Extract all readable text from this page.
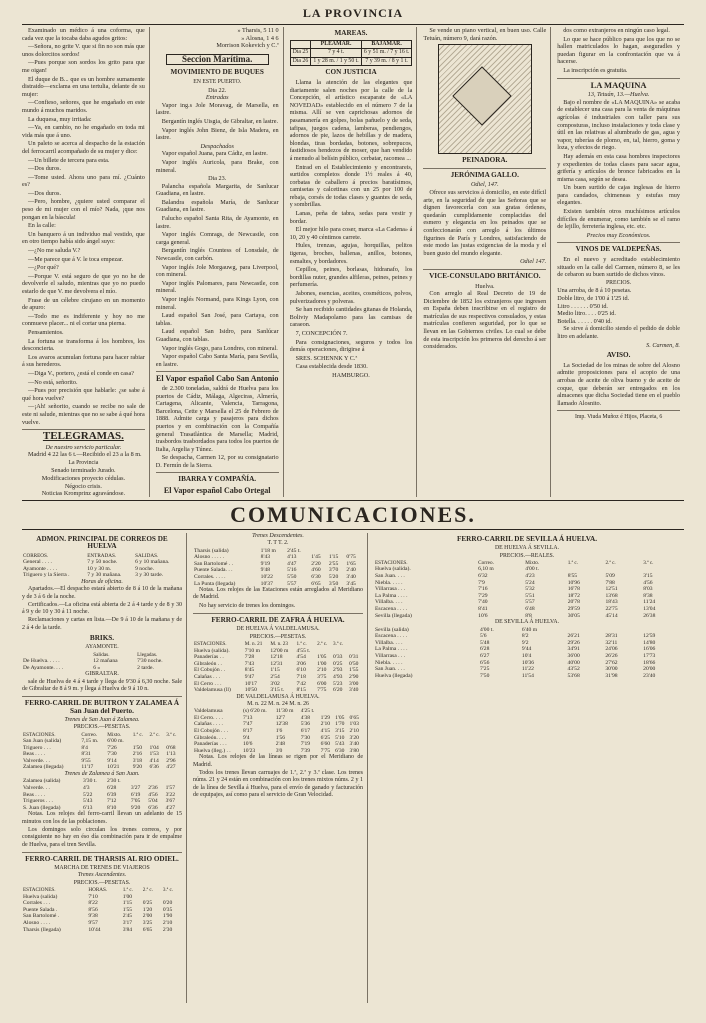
LA PROVINCIA

Examinado un médico á una coforma, que cada vez que la tocaba daba agudos gritos:

—Señora, no grite V. que si fin no son más que unos dolorcitos sordos!

—Pues porque son sordos los grito para que me oigan!

El duque de B... que es un hombre sumamente distraido—exclama en una tertulia, delante de su mujer:

—Confieso, señores, que he engañado en este mundo á muchos maridos.

La duquesa, muy irritada:

—Ya, en cambio, no he engañado en toda mi vida más que á uno.

Un paleto se acerca al despacho de la estación del ferrocarril acompañado de su mujer y dice:

—Un billete de tercera para esta.

—Dos duros.

—Tome usted. Ahora uno para mí. ¿Cuánto es?

—Dos duros.

—Pero, hombre, ¿quiere usted comparar el peso de mi mujer con el mío? Nada, ¡que nos pongan en la báscula!

En la calle:

Un banquero á un individuo mal vestido, que en otro tiempo había sido ángel suyo:

—¿No me saluda V.?

—Me parece que á V. le toca empezar.

—¿Por qué?

—Porque V. está seguro de que yo no he de devolverle el saludo, mientras que yo no puedo estarlo de que V. me devolvera el mío.

Frase de un célebre cirujano en un momento de apuro:

—Todo me es indiferente y hoy no me conmueve placer... ni el cortar una pierna.

Pensamientos.

La fortuna se transforma á los hombres, los desconcierta.

Los avaros acumulan fortuna para hacer rabiar á sus herederos.

—Diga V., portero, ¿está el conde en casa?

—No está, señorito.

—Pues por precisión que hablarle: ¿se sabe á qué hora vuelve?

—¡Ah! señorito, cuando se recibe no sale de este ni salude, mientras que no se sabe á qué hora vuelve.

TELEGRAMAS.
De nuestro servicio particular.

Madrid 4 22 las 6 t.—Recibido el 23 a la 8 m.

La Provincia
Senado terminado Jurado.
Modificaciones proyecto cédulas.
Négocio crisis.
Noticias Kromprinz agravándose.

» Tharsis, 5 11 0
» Alosna, 1 4 6
Morrison Kokevich y C.ª
Seccion Marítima.
MOVIMIENTO DE BUQUES
EN ESTE PUERTO.
Dia 22.
Entradas

Vapor ing.s Jole Moravag, de Marsella, en lastre.

Bergantín inglés Uisgia, de Gibraltar, en lastre.

Vapor inglés John Bienz, de Isla Madera, en lastre.

Despachados

Vapor español Juana, para Cádiz, en lastre.

Vapor inglés Auricola, para Brake, con mineral.

Dia 23.

Palancha española Margarita, de Sanlucar Guadiana, en lastre.

Balandra española María, de Sanlucar Guadiana, en lastre.

Falucho español Santa Rita, de Ayamonte, en lastre.

Vapor inglés Comrags, de Newcastle, con carga general.

Bergantín inglés Countess of Lonsdale, de Newcastle, con carbón.

Vapor inglés Jole Morgauwg, para Liverpool, con mineral.

Vapor inglés Palomares, para Newcastle, con mineral.

Vapor inglés Normand, para Kings Lyon, con mineral.

Laud español San José, para Cartaya, con tablas.

Laud español San Isidro, para Sanlúcar Guadiana, con tablas.

Vapor inglés Gogo, para Londres, con mineral.

Vapor español Cabo Santa María, para Sevilla, en lastre.

El Vapor español Cabo San Antonio

de 2.300 toneladas, saldrá de Huelva para los puertos de Cádiz, Málaga, Algeciras, Almería, Cartagena, Alicante, Valencia, Tarragona, Barcelona, Cette y Marsella el 25 de Febrero de 1888. Admite carga y pasajeros para dichos puertos y en combinación con la Compañía general Trasatlántica de Marsella; Madrid, trasbordos trasbordados para todos los puertos de Italia, Argelia y Túnez.

Se despacha, Carmen 12, por su consignatario D. Fermín de la Sierra.

IBARRA Y COMPAÑÍA.
El Vapor español Cabo Ortegal

MAREAS.
	PLEAMAR.	BAJAMAR.
Día 25	7 y 4 t.	6 y 51 m. / 7 y 16 t.
Día 26	1 y 28 m. / 1 y 50 t.	7 y 39 m. / 8 y 1 t.
CON JUSTICIA

Llama la atención de las elegantes que diariamente salen noches por la calle de la Concepción, el artístico escaparate de «LA NOVEDAD» establecido en el número 7 de la misma. Allí se ven caprichosas adornos de pasamanería en golpes, bolas pañuelo y de seda, tafipas, juegos cadena, lamberas, pendiengos, adornos de pie, lazos de hebillas y de madera, blondas, tiras bordadas, botones, sobrepucos, fastidiosos hendezos de moser, que han vendido á menudo al belísin público, cerbatar, racomea ...

Entrad en el Establecimiento y encontrareis, surtidos completos donde 1½ reales á 40, corbatas de caballero á precios baratísimos, camisetas y calcetinas con un 25 por 100 de rebaja, corsés de todas clases y guantes de seda, y sombrillas.

Lanas, peña de tabra, sedas para vestir y bordar.

El mejor hilo para coser, marca «La Cadena» á 10, 20 y 40 céntimos carrete.

Hules, trenzas, agujas, horquillas, pelitos tigeras, broches, ballenas, anillos, botones, esmaltes, y bordadores.

Cepillos, peines, borlasas, hidranafo, los bordillas nuter, grandes alfileras, peines, peines y perfumería.

Jabones, esencias, aceites, cosméticos, polvos, pulverizadores y polveras.

Se han recibido cantidades gitanas de Holanda, Boliviy Madapolamo para las camisas de caraeon.

7, CONCEPCIÓN 7.

Para consignaciones, seguros y todos los demás operaciones, dirigirse á

SRES. SCHENNK Y C.ª

Casa establecida desde 1830.

HAMBURGO.

Se vende un piano vertical, en buen uso. Calle Tetuán, número 9, dará razón.

PEINADORA.
JERÓNIMA GALLO.
Odiel, 147.

Ofrece sus servicios á domicilio, en este difícil arte, en la seguridad de que las Señoras que se dignen favorecerla con sus gratas órdenes, quedarán cumplidamente complacidas del esmero y elegancia en los peinados que se confeccionarán con arreglo á los últimos figurines de París y Londres, satisfaciendo de este modo las justas exigencias de la moda y el buen gusto del mundo elegante.

Odiel 147.
VICE-CONSULADO BRITÁNICO.
Huelva.

Con arreglo al Real Decreto de 19 de Diciembre de 1852 los extranjeros que ingresen en España deben inscribirse en el registro de matrículas de sus respectivos consulados, y estas matrículas confieren seguridad, por lo que se llevan en las Gobiernos civiles. Lo cual se debe de esta inscripción los primeros del derecho á ser considerados.

dos como extranjeros en ningún caso legal.

Lo que se hace público para que los que no se hallen matriculados lo hagan, aseguradles y puedan figurar en la confrontación que va á hacerse.

La inscripción es gratuita.

LA MAQUINA
13, Tetuán, 13.—Huelva.

Bajo el nombre de «LA MAQUINA» se acaba de establecer una casa para la venta de máquinas agrícolas é industriales con taller para sus composturas, incluso instalaciones y toda clase y útil en las relativas al alumbrado de gas, agua y vapor, tuberías de plomo, en, tal, hierro, goma y loza, y efectos de riego.

Hay además en esta casa hombres inspectores y expedientes de todas clases para sacar agua, grifería y artículos de bronce fabricados en la misma casa, según se desea.

Un buen surtido de cajas inglesas de hierro para candados, chimeneas y estufas muy elegantes.

Existen también otros muchísimos artículos difíciles de enumerar, como también se el ramo de lejillo, ferretería inglesa, etc. etc.

Precios muy Económicos.
VINOS DE VALDEPEÑAS.

En el nuevo y acreditado establecimiento situado en la calle del Carmen, número 8, se les de cebaron su buen surtido de dichos vinos.

PRECIOS.
Una arroba, de 8 á 10 pesetas.
Doble litro, de 1'00 á 1'25 id.
Litro . . . . . . 0'50 id.
Medio litro. . . . 0'25 id.
Botella. . . . . . 0'40 id.

Se sirve á domicilio siendo el pedido de doble litro en adelante.

S. Carmen, 8.
AVISO.

La Sociedad de los minas de sobre del Alosno admite proposiciones para el acopio de una arrobas de aceite de oliva bueno y de aceite de coque, que deberán ser entregados en los almacenes que dicha Sociedad tiene en el pueblo llamado Alosnito.

Imp. Viuda Muñoz é Hijos, Placeta, 6
COMUNICACIONES.
ADMON. PRINCIPAL DE CORREOS DE HUELVA
CORREOS.	ENTRADAS.	SALIDAS.
General . . . .	7 y 50 noche.	6 y 10 mañana.
Ayamonte . . . .	10 y 30 m.	9 noche.
Triguero y la Sierra .	7 y 30 mañana.	3 y 30 tarde.
Horas de oficina.

Apartados.—El despacho estará abierto de 8 á 10 de la mañana y de 3 á 6 de la noche.

Certificados.—La oficina está abierta de 2 á 4 tarde y de 8 y 30 á 9 y de 10 y 30 á 11 noche.

Reclamaciones y cartas en lista.—De 9 á 10 de la mañana y de 2 á 4 de la tarde.

BRIKS.
AYAMONTE.
	Salidas.	Llegadas.
De Huelva. . . . .	12 mañana	7'30 noche.
De Ayamonte. . . .	6 »	2 tarde.
GIBRALTAR.

sale de Huelva de 4 á 4 tarde y llega de 9'30 á 6,30 noche. Sale de Gibraltar de 8 á 9 m. y llega á Huelva de 9 á 10 n.

FERRO-CARRIL DE BUITRON Y ZALAMEA Á San Juan del Puerto.
Trenes de San Juan á Zalamea.
PRECIOS.—PESETAS.
ESTACIONES.	Correo.	Mixto.	1.ª c.	2.ª c.	3.ª c.
San Juan (salida)	7,15 m.	6'00 m.			
Triguero . . .	8'4	7'26	1'50	1'04	0'68
Beas . . . .	8'31	7'30	2'16	1'53	1'13
Valverde. . .	9'55	9'14	3'18	4'14	2'96
Zalamea (llegada)	11'17	10'21	9'20	6'36	4'27
Trenes de Zalamea á San Juan.
Zalamea (salida)	3'30 t.	2'30 t.			
Valverde. . .	4'3	6'28	3'27	2'36	1'57
Beas . . . .	5'22	6'39	6'19	4'56	3'22
Trigueros . . .	5'43	7'12	7'05	5'04	3'67
S. Juan (llegada)	6'13	8'10	9'20	6'36	4'27

Notas. Los relojes del ferro-carril llevan un adelanto de 15 minutos con los de las poblaciones.

Los domingos solo circulan los trenes correos, y por consiguiente no hay en éso día combinación para ir de empalme de Huelva, para el tren Sevilla.

FERRO-CARRIL DE THARSIS AL RIO ODIEL.
MARCHA DE TRENES DE VIAJEROS
Trenes Ascendentes.
PRECIOS.—PESETAS.
ESTACIONES.	HORAS.	1.ª c.	2.ª c.	3.ª c.
Huelva (salida)	7'10	1'00		
Corrales . . .	8'22	1'15	0'25	0'20
Puente Salada .	8'56	1'55	1'20	0'35
San Bartolomé .	9'38	2'45	2'00	1'90
Alosno . . . .	9'57	3'17	3'25	2'10
Tharsis (llegada)	10'44	3'84	6'65	2'30
Trenes Descendentes.
T. T T. 2.
Tharsis (salida)	1'18 m	2'45 t.			
Alosno . . . . .	8'43	4'13	1'45	1'15	0'75
San Bartolomé . .	9'19	4'47	2'20	2'55	1'65
Puente Salada. . .	9'48	5'16	4'60	3'70	2'40
Corrales. . . . .	10'22	5'50	6'30	5'20	3'40
La Punta (llegada)	10'37	5'57	6'65	3'50	3'45

Notas. Los relojes de las Estaciones están arreglados al Meridiano de Madrid.

No hay servicio de trenes los domingos.

FERRO-CARRIL DE ZAFRA Á HUELVA.
DE HUELVA Á VALDELAMUSA.
PRECIOS.—PESETAS.
ESTACIONES.	M. n. 21	M. n. 23	1.ª c.	2.ª c.	3.ª c.	
Huelva (salida).	7'10 m	12'00 m	4'55 t.			
Panaderías . .	7'28	12'18	4'54	1'05	0'33	0'31
Gibraleón . .	7'43	12'31	3'06	1'00	0'25	0'50
El Cobujón . .	8'45	1'15	6'10	2'10	2'93	1'55
Calañas . . .	9'47	2'54	7'18	3'75	4'93	2'90
El Cerro . . .	10'17	3'02	7'42	6'00	5'23	3'00
Valdelamusa (ll)	10'50	3'15 t.	8'15	7'75	6'20	3'40
DE VALDELAMUSA Á HUELVA.
M. n. 22 M. n. 24 M. n. 26
Valdelamusa	(s) 6'20 m.	11'30 m	4'25 t.			
El Cerro. . . .	7'13	12'7	4'38	1'29	1'05	0'65
Calañas . . . .	7'47	12'38	5'36	2'10	1'70	1'03
El Cobujón . . .	8'17	1'6	6'17	4'15	3'15	2'10
Gibraleón. . . .	9'4	1'56	7'30	6'25	5'10	3'20
Panaderías . . .	10'6	2'48	7'19	6'60	5'43	3'40
Huelva (lleg.) . .	10'23	3'0	7'39	7'75	6'30	3'80

Notas. Los relojes de las líneas se rigen por el Meridiano de Madrid.

Todos los trenes llevan carruajes de 1.ª, 2.ª y 3.ª clase. Los trenes núms. 21 y 24 están en combinación con los trenes mixtos núms. 2 y 1 de la línea de Sevilla á Huelva, para el envío de ganado y facturación de equipajes, así como para el servicio de Gran Velocidad.

FERRO-CARRIL DE SEVILLA Á HUELVA.
DE HUELVA Á SEVILLA.
PRECIOS.—REALES.
ESTACIONES.	Correo.	Mixto.	1.ª c.	2.ª c.	3.ª c.
Huelva (salida).	6,10 m	4'00 t.			
San Juan. . . .	6'32	4'23	8'55	5'09	3'15
Niebla. . . . .	7'9	5'24	10'96	7'88	4'56
Villarrasa . . .	7'16	5'32	16'78	12'51	8'03
La Palma . . . .	7'29	5'51	18'72	13'68	8'38
Villalba. . . .	7'40	5'57	20'78	18'43	11'24
Escacena . . . .	8'41	6'48	29'59	22'75	13'04
Sevilla (llegada)	10'6	8'8	30'05	45'14	26'38
DE SEVILLA Á HUELVA.
Sevilla (salida)	4'00 t.	6'40 m			
Escacena . . . .	5'6	8'2	26'21	28'31	12'59
Villalba. . . .	5'48	9'2	29'26	32'11	14'80
La Palma . . . .	6'28	9'44	34'91	24'06	16'06
Villarrasa . . .	6'27	10'4	36'00	26'26	17'73
Niebla. . . . .	6'56	10'36	40'00	27'62	18'66
San Juan. . . .	7'25	11'22	43'52	30'00	20'00
Huelva (llegada)	7'50	11'54	53'68	31'98	23'40
